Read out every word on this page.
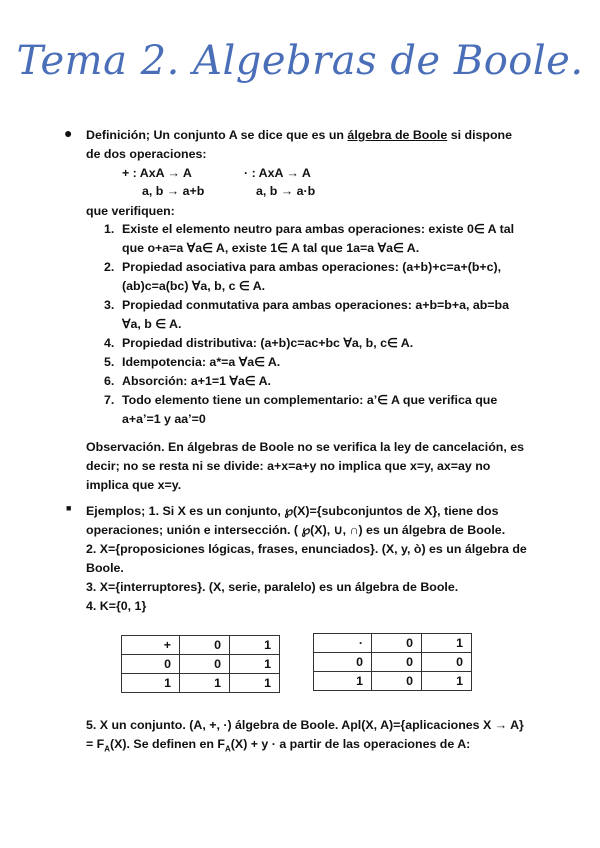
Tema 2. Algebras de Boole.
● Definición; Un conjunto A se dice que es un álgebra de Boole si dispone de dos operaciones:
+ : AxA → A
a, b → a+b
· : AxA → A
a, b → a·b
que verifiquen:
1. Existe el elemento neutro para ambas operaciones: existe 0∈ A tal
que o+a=a ∀a∈ A, existe 1∈ A tal que 1a=a ∀a∈ A.
2. Propiedad asociativa para ambas operaciones: (a+b)+c=a+(b+c),
(ab)c=a(bc) ∀a, b, c ∈ A.
3. Propiedad conmutativa para ambas operaciones: a+b=b+a, ab=ba
∀a, b ∈ A.
4. Propiedad distributiva: (a+b)c=ac+bc ∀a, b, c∈ A.
5. Idempotencia: a*=a ∀a∈ A.
6. Absorción: a+1=1 ∀a∈ A.
7. Todo elemento tiene un complementario: a’∈ A que verifica que
a+a’=1 y aa’=0
Observación. En álgebras de Boole no se verifica la ley de cancelación, es
decir; no se resta ni se divide: a+x=a+y no implica que x=y, ax=ay no
implica que x=y.
■ Ejemplos; 1. Si X es un conjunto, ℘(X)={subconjuntos de X}, tiene dos
operaciones; unión e intersección. ( ℘(X), ∪, ∩) es un álgebra de Boole.
2. X={proposiciones lógicas, frases, enunciados}. (X, y, ò) es un álgebra de
Boole.
3. X={interruptores}. (X, serie, paralelo) es un álgebra de Boole.
4. K={0, 1}
+	0	1
0	0	1
1	1	1
·	0	1
0	0	0
1	0	1
5. X un conjunto. (A, +, ·) álgebra de Boole. Apl(X, A)={aplicaciones X → A}
= $F_A(X)$. Se definen en $F_A(X) + y \cdot a$ partir de las operaciones de A:
